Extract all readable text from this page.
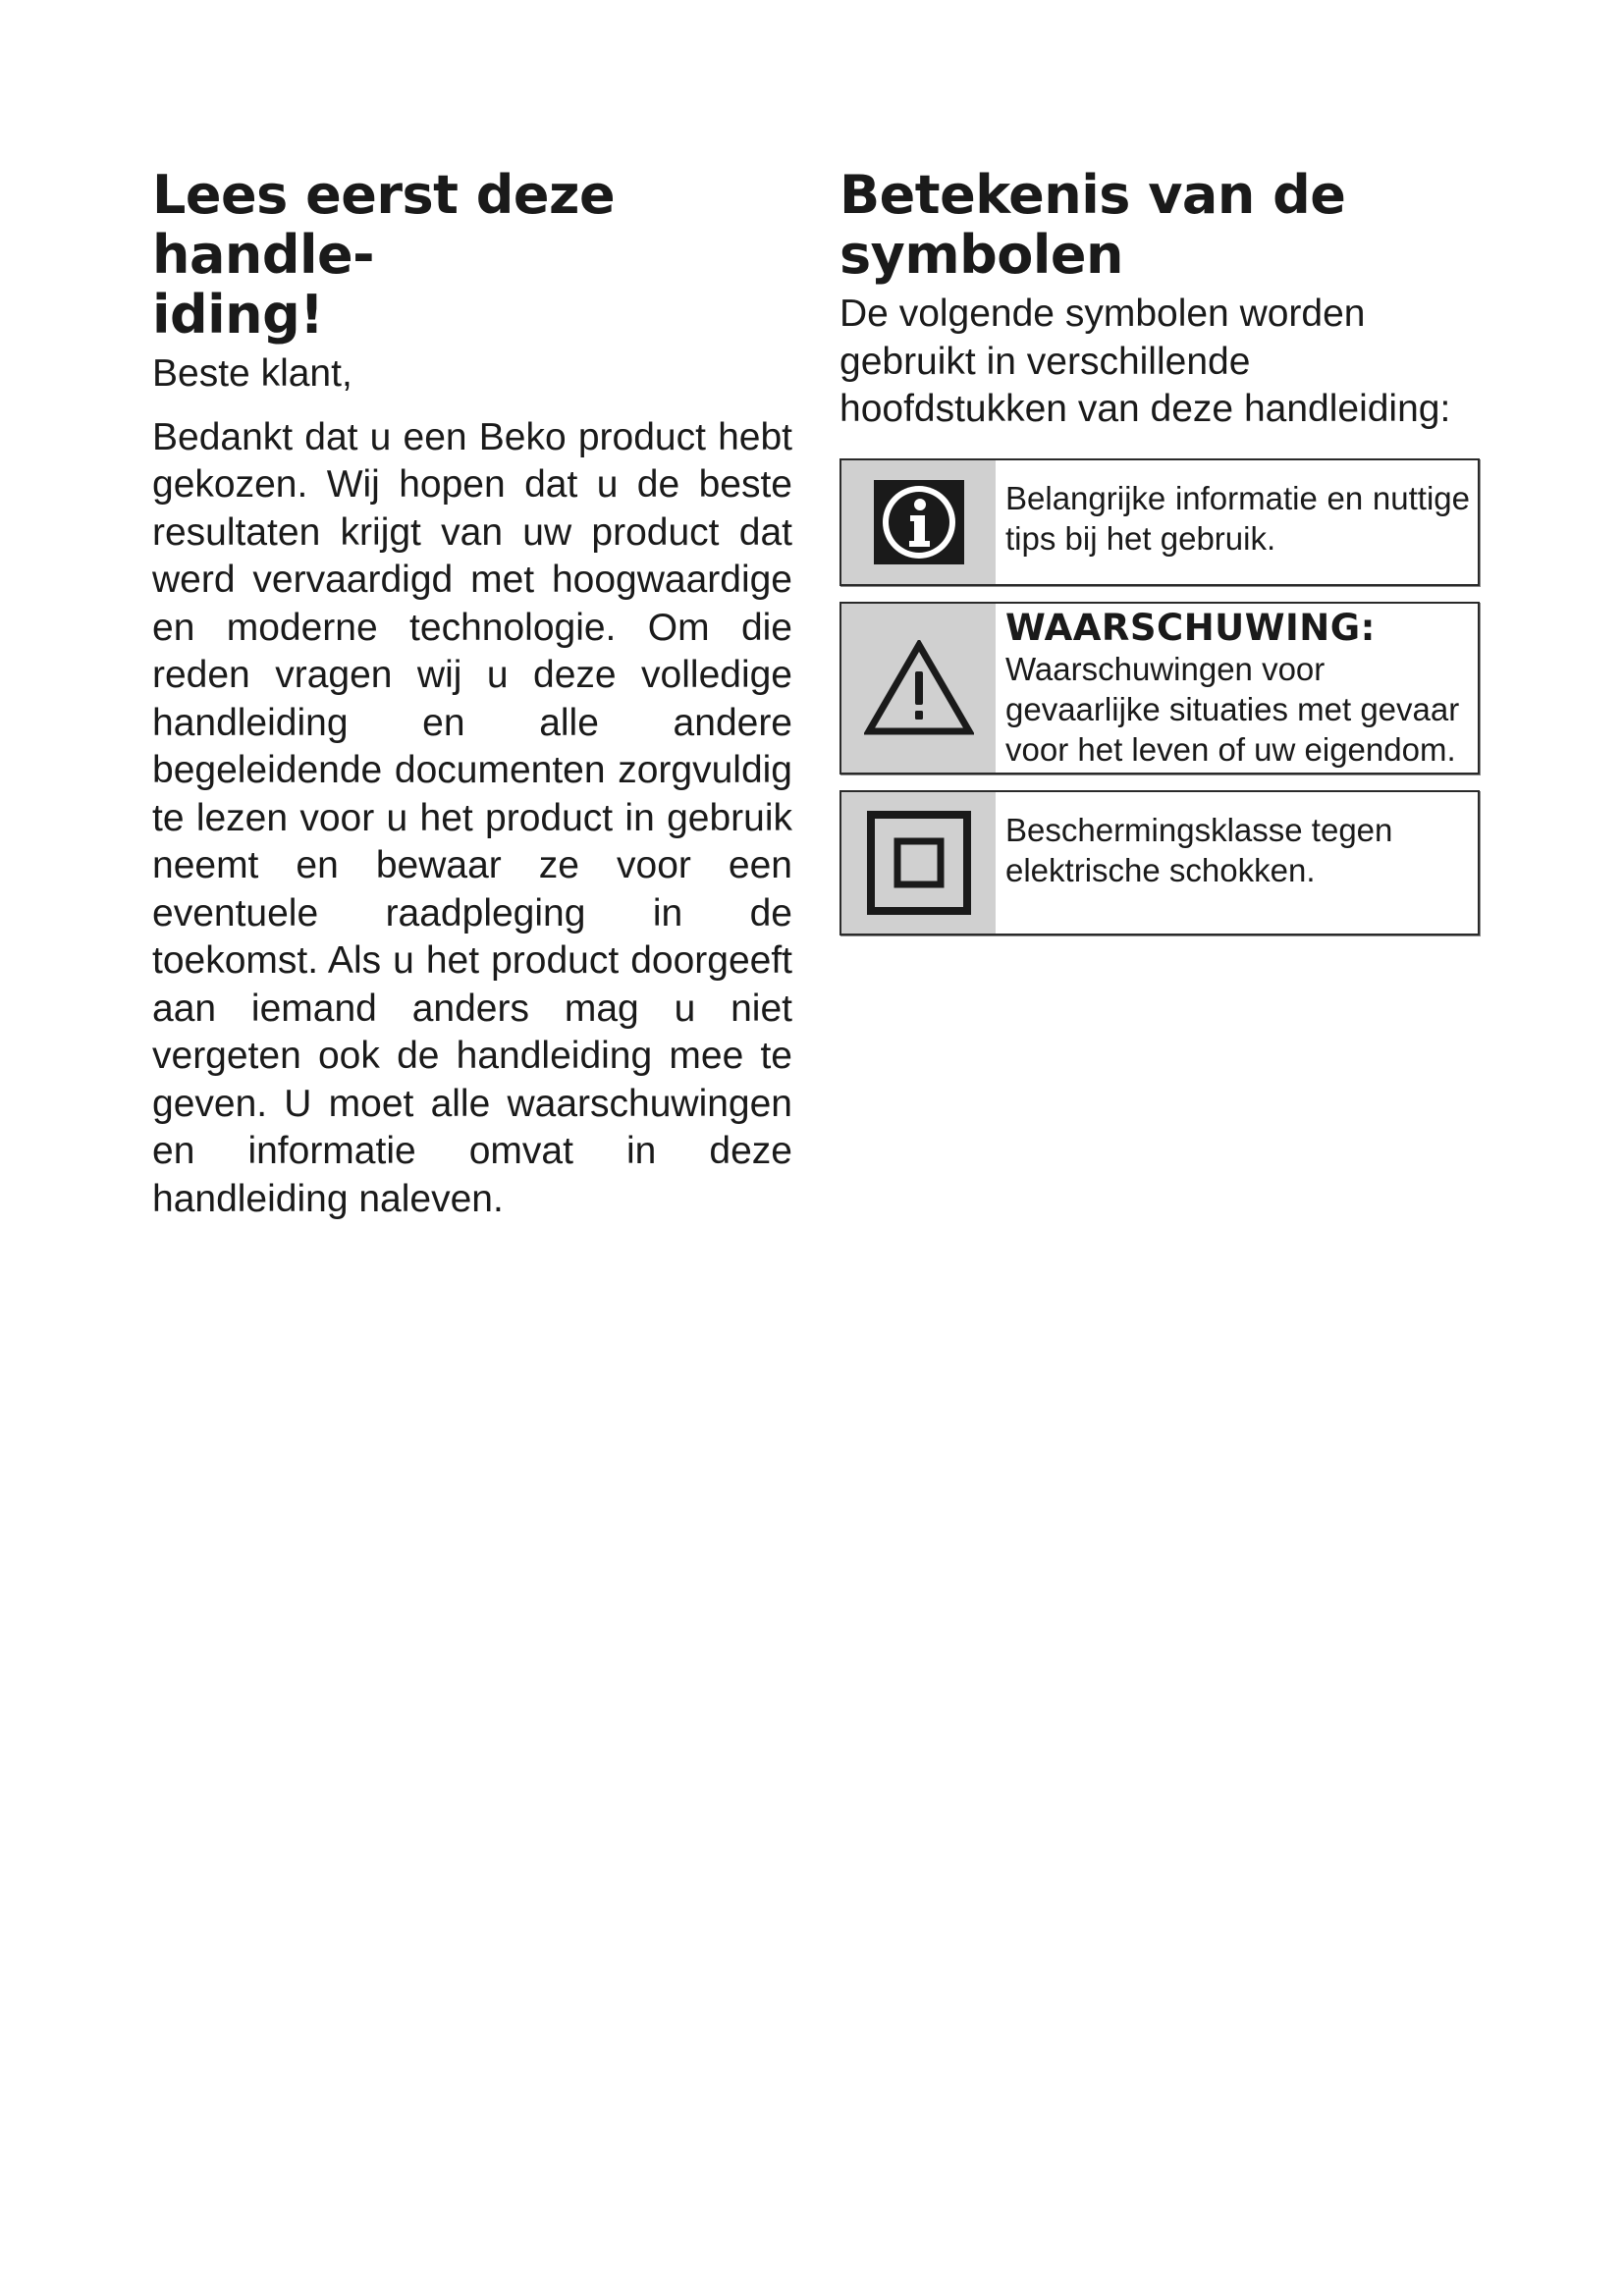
Lees eerst deze handle-
iding!

Beste klant,

Bedankt dat u een Beko product hebt gekozen. Wij hopen dat u de beste resultaten krijgt van uw product dat werd vervaardigd met hoogwaardige en moderne technologie. Om die reden vragen wij u deze volledige handleiding en alle andere begeleidende documenten zorgvuldig te lezen voor u het product in gebruik neemt en bewaar ze voor een eventuele raadpleging in de toekomst. Als u het product doorgeeft aan iemand anders mag u niet vergeten ook de handleiding mee te geven. U moet alle waarschuwingen en informatie omvat in deze handleiding naleven.

Betekenis van de
symbolen

De volgende symbolen worden gebruikt in verschillende hoofdstukken van deze handleiding:

Belangrijke informatie en nuttige tips bij het gebruik.
WAARSCHUWING:
Waarschuwingen voor gevaarlijke situaties met gevaar voor het leven of uw eigendom.
Beschermingsklasse tegen elektrische schokken.
